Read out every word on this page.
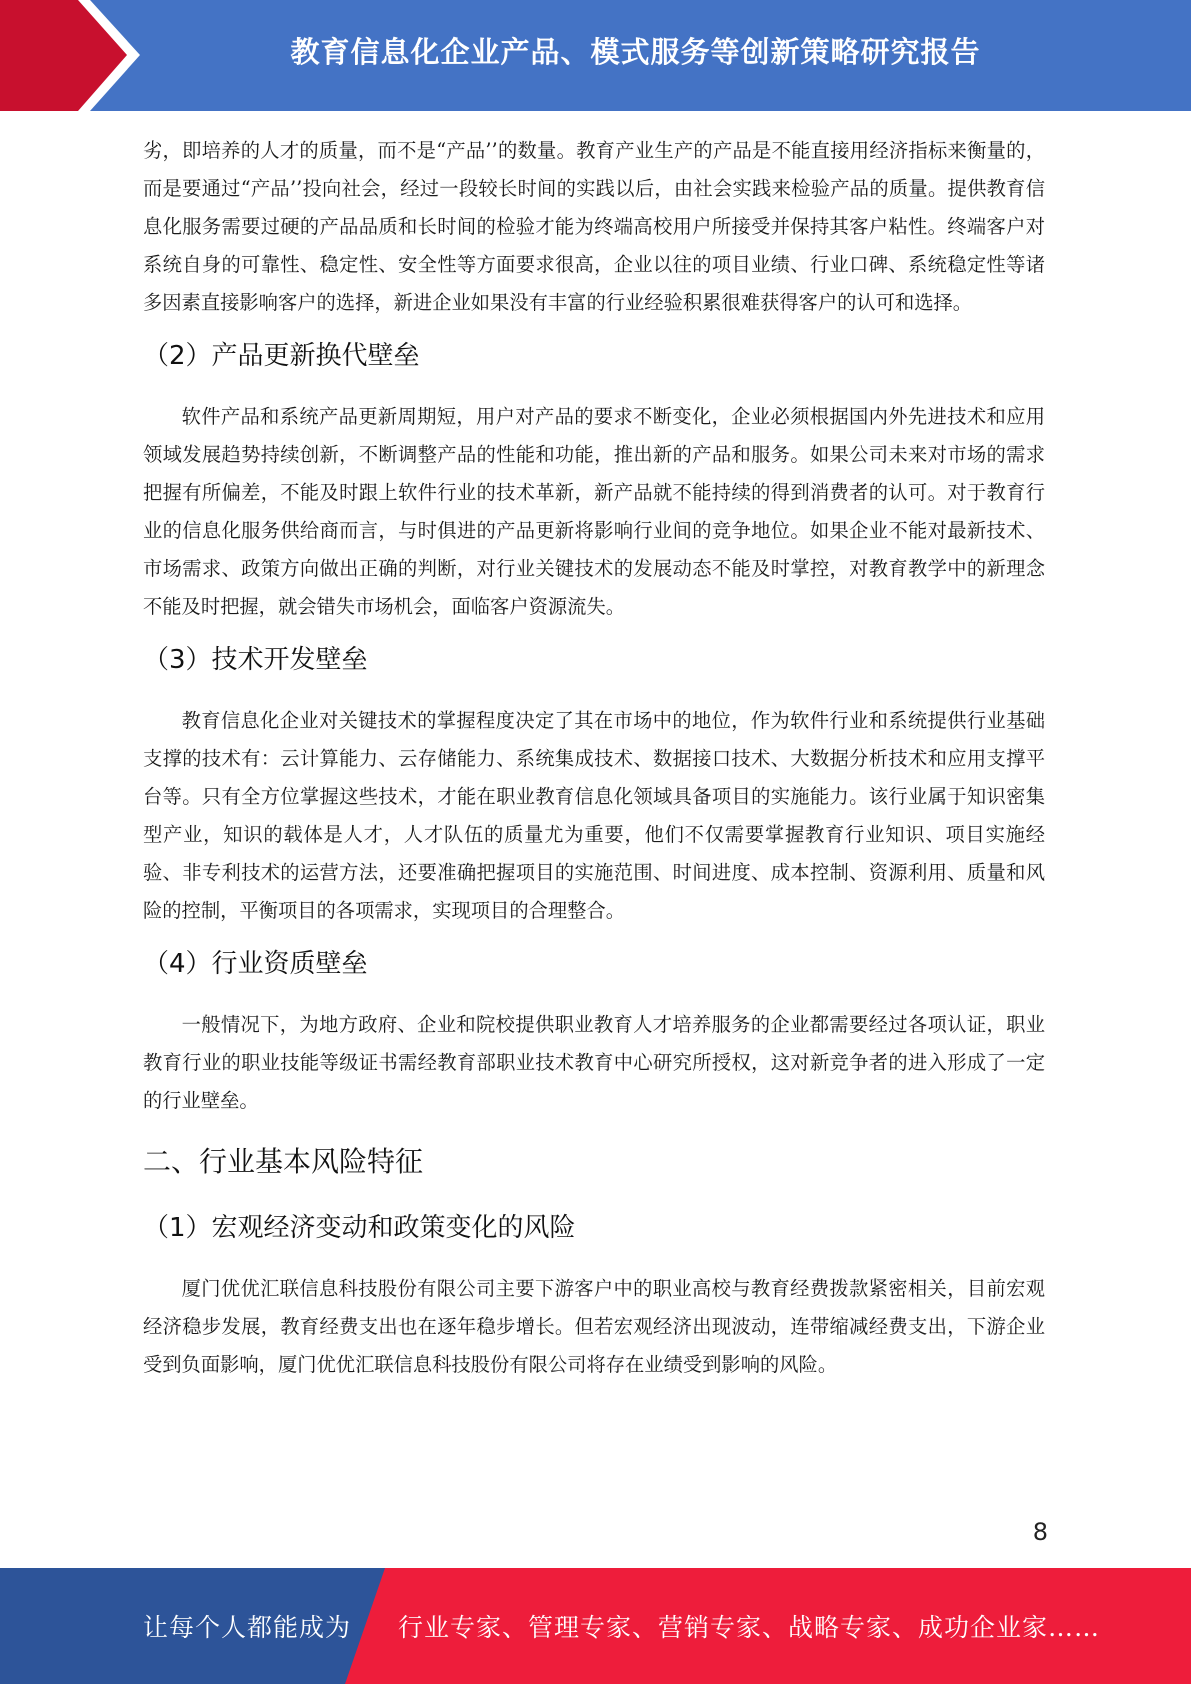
教育信息化企业产品、模式服务等创新策略研究报告

劣，即培养的人才的质量，而不是“产品’’的数量。教育产业生产的产品是不能直接用经济指标来衡量的，而是要通过“产品’’投向社会，经过一段较长时间的实践以后，由社会实践来检验产品的质量。提供教育信息化服务需要过硬的产品品质和长时间的检验才能为终端高校用户所接受并保持其客户粘性。终端客户对系统自身的可靠性、稳定性、安全性等方面要求很高，企业以往的项目业绩、行业口碑、系统稳定性等诸多因素直接影响客户的选择，新进企业如果没有丰富的行业经验积累很难获得客户的认可和选择。

（2）产品更新换代壁垒

软件产品和系统产品更新周期短，用户对产品的要求不断变化，企业必须根据国内外先进技术和应用领域发展趋势持续创新，不断调整产品的性能和功能，推出新的产品和服务。如果公司未来对市场的需求把握有所偏差，不能及时跟上软件行业的技术革新，新产品就不能持续的得到消费者的认可。对于教育行业的信息化服务供给商而言，与时俱进的产品更新将影响行业间的竞争地位。如果企业不能对最新技术、市场需求、政策方向做出正确的判断，对行业关键技术的发展动态不能及时掌控，对教育教学中的新理念不能及时把握，就会错失市场机会，面临客户资源流失。

（3）技术开发壁垒

教育信息化企业对关键技术的掌握程度决定了其在市场中的地位，作为软件行业和系统提供行业基础支撑的技术有：云计算能力、云存储能力、系统集成技术、数据接口技术、大数据分析技术和应用支撑平台等。只有全方位掌握这些技术，才能在职业教育信息化领域具备项目的实施能力。该行业属于知识密集型产业，知识的载体是人才，人才队伍的质量尤为重要，他们不仅需要掌握教育行业知识、项目实施经验、非专利技术的运营方法，还要准确把握项目的实施范围、时间进度、成本控制、资源利用、质量和风险的控制，平衡项目的各项需求，实现项目的合理整合。

（4）行业资质壁垒

一般情况下，为地方政府、企业和院校提供职业教育人才培养服务的企业都需要经过各项认证，职业教育行业的职业技能等级证书需经教育部职业技术教育中心研究所授权，这对新竞争者的进入形成了一定的行业壁垒。

二、行业基本风险特征
（1）宏观经济变动和政策变化的风险

厦门优优汇联信息科技股份有限公司主要下游客户中的职业高校与教育经费拨款紧密相关，目前宏观经济稳步发展，教育经费支出也在逐年稳步增长。但若宏观经济出现波动，连带缩减经费支出，下游企业受到负面影响，厦门优优汇联信息科技股份有限公司将存在业绩受到影响的风险。

8
让每个人都能成为 行业专家、管理专家、营销专家、战略专家、成功企业家……
